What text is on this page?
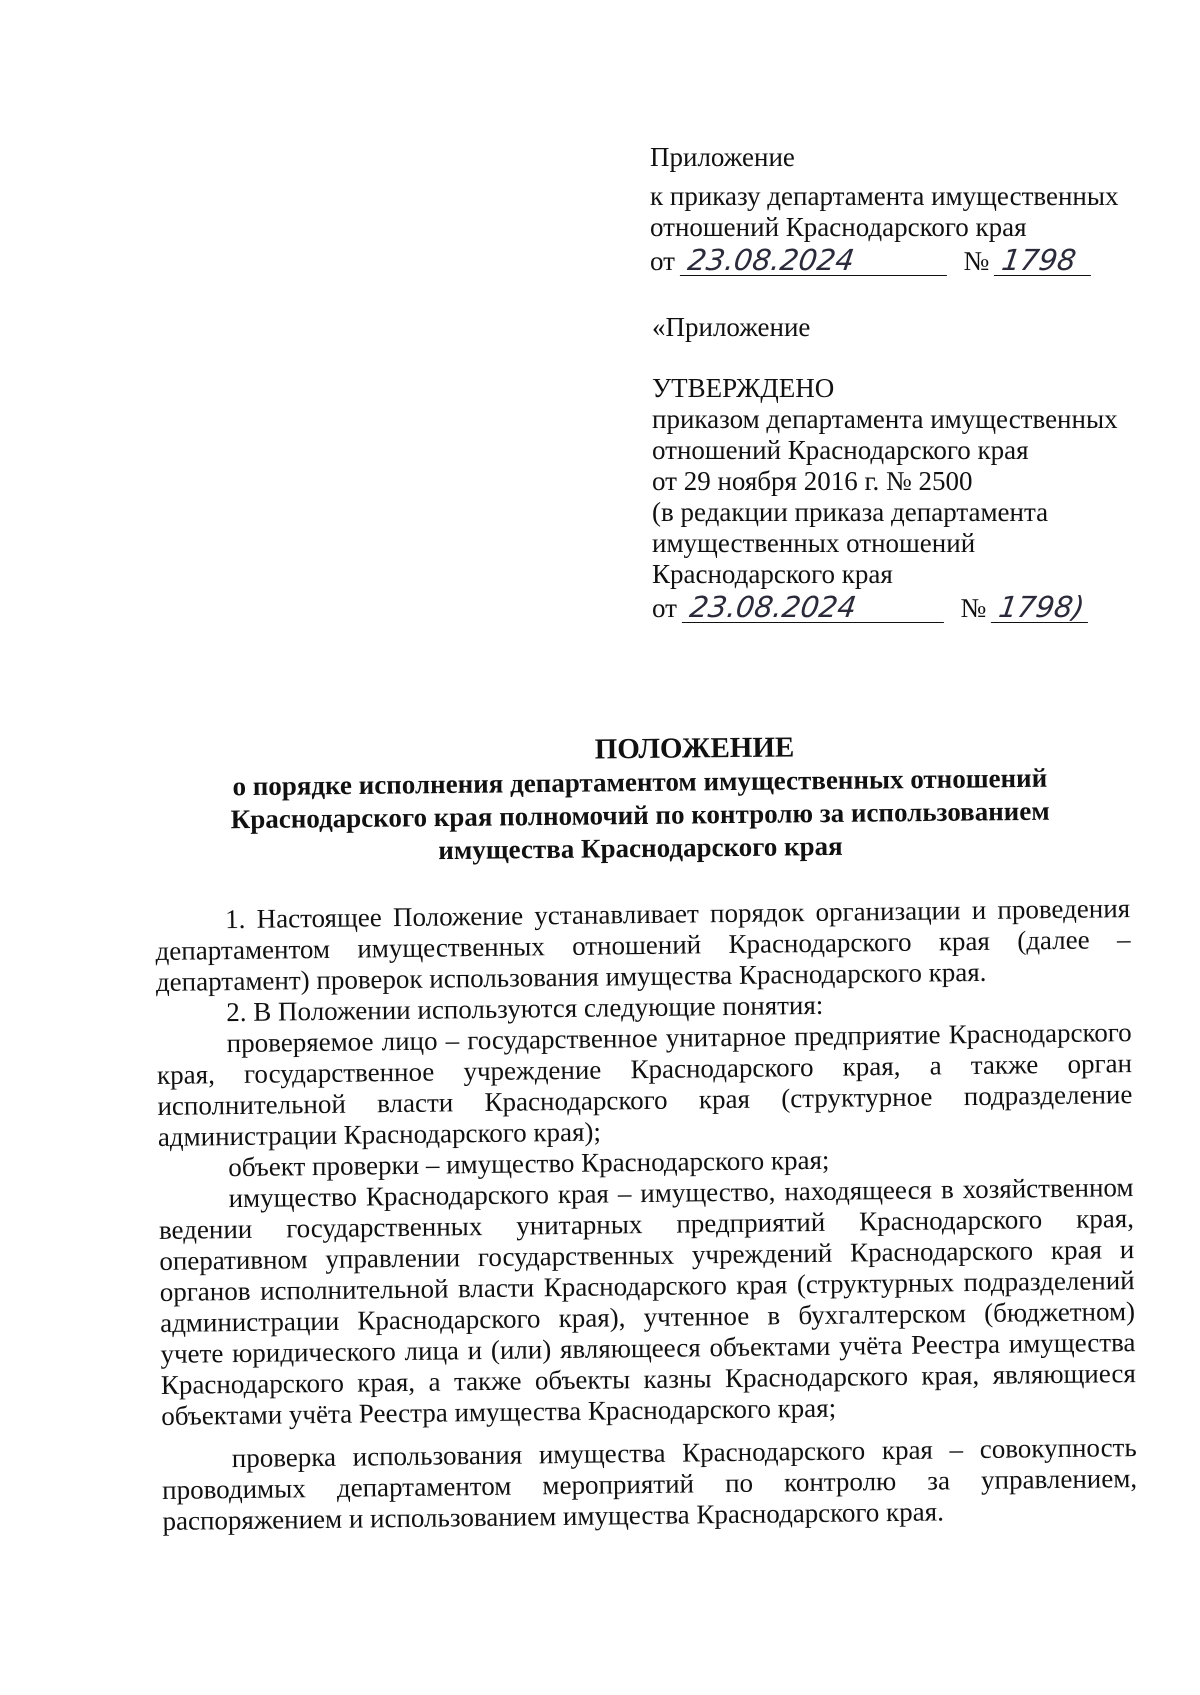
Приложение
к приказу департамента имущественных
отношений Краснодарского края
от 23.08.2024	№ 1798
«Приложение
УТВЕРЖДЕНО
приказом департамента имущественных
отношений Краснодарского края
от 29 ноября 2016 г. № 2500
(в редакции приказа департамента
имущественных отношений
Краснодарского края
от 23.08.2024	№ 1798)
ПОЛОЖЕНИЕ
о порядке исполнения департаментом имущественных отношений
Краснодарского края полномочий по контролю за использованием
имущества Краснодарского края

1. Настоящее Положение устанавливает порядок организации и проведения департаментом имущественных отношений Краснодарского края (далее – департамент) проверок использования имущества Краснодарского края.

2. В Положении используются следующие понятия:

проверяемое лицо – государственное унитарное предприятие Краснодарского края, государственное учреждение Краснодарского края, а также орган исполнительной власти Краснодарского края (структурное подразделение администрации Краснодарского края);

объект проверки – имущество Краснодарского края;

имущество Краснодарского края – имущество, находящееся в хозяйственном ведении государственных унитарных предприятий Краснодарского края, оперативном управлении государственных учреждений Краснодарского края и органов исполнительной власти Краснодарского края (структурных подразделений администрации Краснодарского края), учтенное в бухгалтерском (бюджетном) учете юридического лица и (или) являющееся объектами учёта Реестра имущества Краснодарского края, а также объекты казны Краснодарского края, являющиеся объектами учёта Реестра имущества Краснодарского края;

проверка использования имущества Краснодарского края – совокупность проводимых департаментом мероприятий по контролю за управлением, распоряжением и использованием имущества Краснодарского края.
